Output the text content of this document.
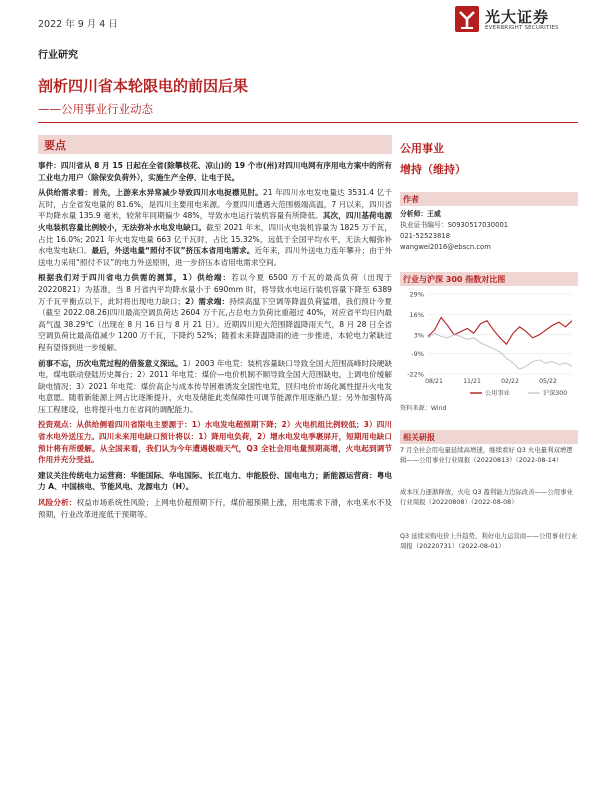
2022 年 9 月 4 日	光大证券
EVERBRIGHT SECURITIES
行业研究
剖析四川省本轮限电的前因后果
——公用事业行业动态
要点
事件：四川省从 8 月 15 日起在全省(除攀枝花、凉山)的 19 个市(州)对四川电网有序用电方案中的所有工业电力用户（除保安负荷外），实施生产全停、让电于民。
从供给需求看：首先，上游来水异常减少导致四川水电捉襟见肘。21 年四川水电发电量达 3531.4 亿千瓦时，占全省发电量的 81.6%，是四川主要用电来源。今夏四川遭遇大范围极端高温，7 月以来，四川省平均降水量 135.9 毫米，较常年同期偏少 48%，导致水电运行装机容量有所降低。其次，四川基荷电源火电装机容量比例较小，无法弥补水电发电缺口。截至 2021 年末，四川火电装机容量为 1825 万千瓦，占比 16.0%; 2021 年火电发电量 663 亿千瓦时，占比 15.32%，远低于全国平均水平，无法大幅弥补水电发电缺口。最后，外送电量“照付不议”挤压本省用电需求。近年来，四川外送电力连年攀升；由于外送电力采用“照付不议”的电力外送原则，进一步挤压本省用电需求空间。
根据我们对于四川省电力供需的测算，1）供给端：若以今夏 6500 万千瓦的最高负荷（出现于 20220821）为基准，当 8 月省内平均降水量小于 690mm 时，将导致水电运行装机容量下降至 6389 万千瓦平衡点以下，此时将出现电力缺口；2）需求端：持续高温下空调等降温负荷猛增，我们预计今夏（截至 2022.08.26)四川最高空调负荷达 2604 万千瓦,占总电力负荷比重超过 40%，对应省平均日内最高气温 38.29℃（出现在 8 月 16 日与 8 月 21 日）。近期四川迎大范围降温降雨天气，8 月 28 日全省空调负荷比最高值减少 1200 万千瓦，下降约 52%；随着未来降温降雨的进一步推进，本轮电力紧缺过程有望得到进一步缓解。
前事不忘，历次电荒过程的借鉴意义深远。1）2003 年电荒：装机容量缺口导致全国大范围高峰时段硬缺电，煤电联动登陆历史舞台；2）2011 年电荒：煤价—电价机制不顺导致全国大范围缺电，上调电价缓解缺电情况；3）2021 年电荒：煤价高企与成本传导困难诱发全国性电荒，回归电价市场化属性提升火电发电意愿。随着新能源上网占比逐渐提升，火电及储能此类保障性可调节能源作用逐渐凸显；另外加强特高压工程建设，也将提升电力在省间的调配能力。
投资观点：从供给侧看四川省限电主要源于：1）水电发电超预期下降；2）火电机组比例较低；3）四川省水电外送压力。四川未来用电缺口预计将以：1）降用电负荷，2）增水电发电季裹屏开，短期用电缺口预计将有所缓解。从全国来看，我们认为今年遭遇极端天气，Q3 全社会用电量预期高增，火电起到调节作用并充分受益。
建议关注传统电力运营商：华能国际、华电国际、长江电力、申能股份、国电电力；新能源运营商：粤电力 A、中国核电、节能风电、龙源电力（H）。
风险分析：权益市场系统性风险；上网电价超预期下行，煤价超预期上涨，用电需求下滑，水电来水不及预期，行业改革进度低于预期等。
公用事业
增持（维持）
作者
分析师：王威
执业证书编号：S0930517030001
021-52523818
wangwei2016@ebscn.com
行业与沪深 300 指数对比图
29%
16%
3%
-9%
-22%
08/21	11/21	02/22	05/22
公用事业	沪深300
资料来源：Wind
相关研报
7 月全社会用电量延续高增速，继续看好 Q3 火电量利双增逻辑——公用事业行业周报（20220813）（2022-08-14）
成本压力逐渐释放，火电 Q3 盈利能力边际改善——公用事业行业周报（20220808）（2022-08-08）
Q3 延续采购电价上升趋势，利好电力运营商——公用事业行业周报（20220731）（2022-08-01）
